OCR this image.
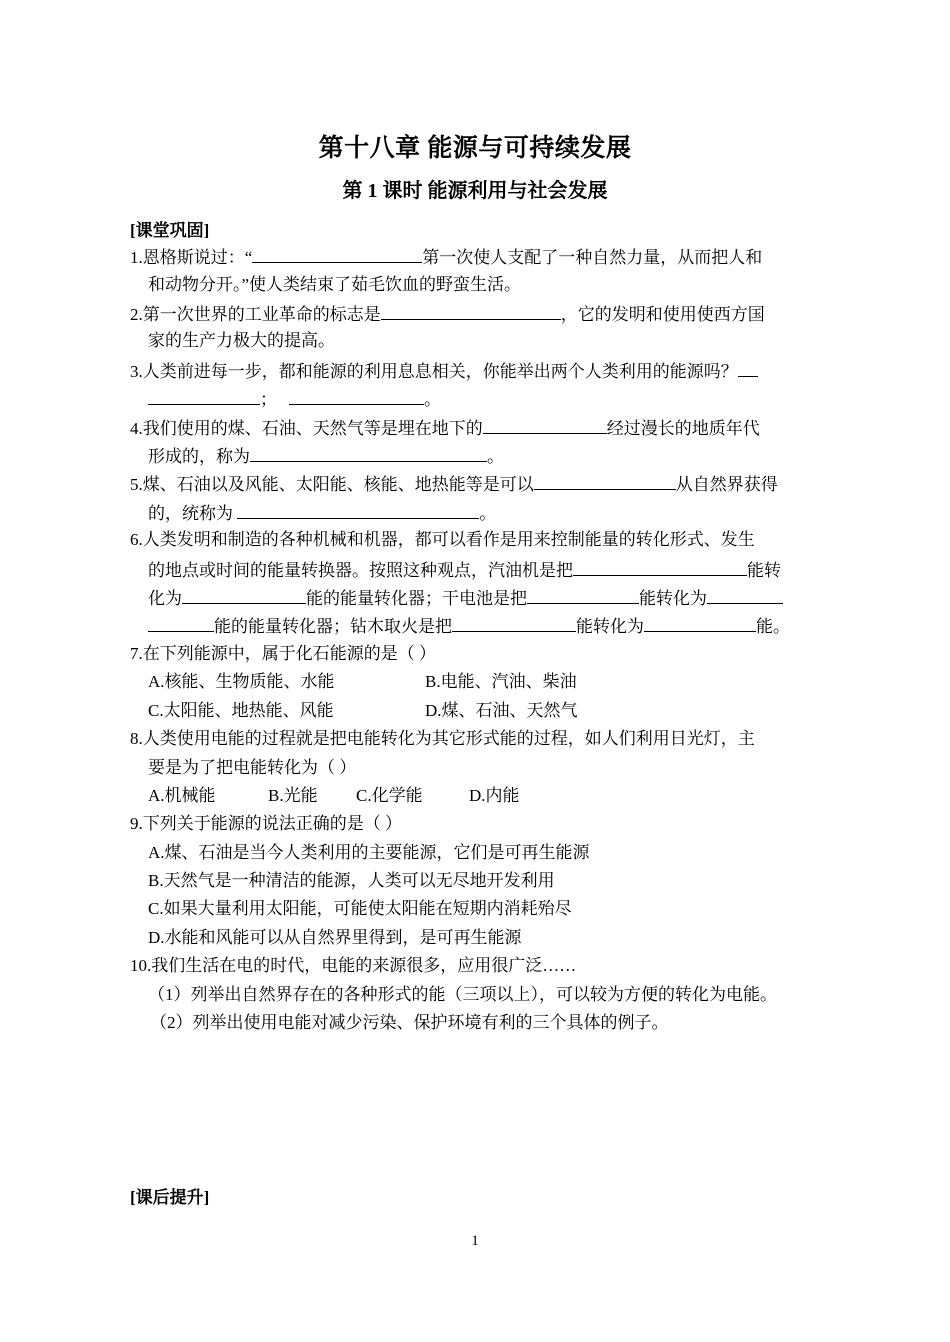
第十八章 能源与可持续发展
第 1 课时 能源利用与社会发展
[课堂巩固]
1.恩格斯说过：“	第一次使人支配了一种自然力量，从而把人和
和动物分开。”使人类结束了茹毛饮血的野蛮生活。
2.第一次世界的工业革命的标志是	，它的发明和使用使西方国
家的生产力极大的提高。
3.人类前进每一步，都和能源的利用息息相关，你能举出两个人类利用的能源吗？
；	。
4.我们使用的煤、石油、天然气等是埋在地下的	经过漫长的地质年代
形成的，称为	。
5.煤、石油以及风能、太阳能、核能、地热能等是可以	从自然界获得
的，统称为	。
6.人类发明和制造的各种机械和机器，都可以看作是用来控制能量的转化形式、发生
的地点或时间的能量转换器。按照这种观点，汽油机是把	能转
化为	能的能量转化器；干电池是把	能转化为
能的能量转化器；钻木取火是把	能转化为	能。
7.在下列能源中，属于化石能源的是（ ）
A.核能、生物质能、水能	B.电能、汽油、柴油
C.太阳能、地热能、风能	D.煤、石油、天然气
8.人类使用电能的过程就是把电能转化为其它形式能的过程，如人们利用日光灯，主
要是为了把电能转化为（ ）
A.机械能	B.光能 C.化学能	D.内能
9.下列关于能源的说法正确的是（ ）
A.煤、石油是当今人类利用的主要能源，它们是可再生能源
B.天然气是一种清洁的能源，人类可以无尽地开发利用
C.如果大量利用太阳能，可能使太阳能在短期内消耗殆尽
D.水能和风能可以从自然界里得到，是可再生能源
10.我们生活在电的时代，电能的来源很多，应用很广泛……
（1）列举出自然界存在的各种形式的能（三项以上），可以较为方便的转化为电能。
（2）列举出使用电能对减少污染、保护环境有利的三个具体的例子。
[课后提升]
1
